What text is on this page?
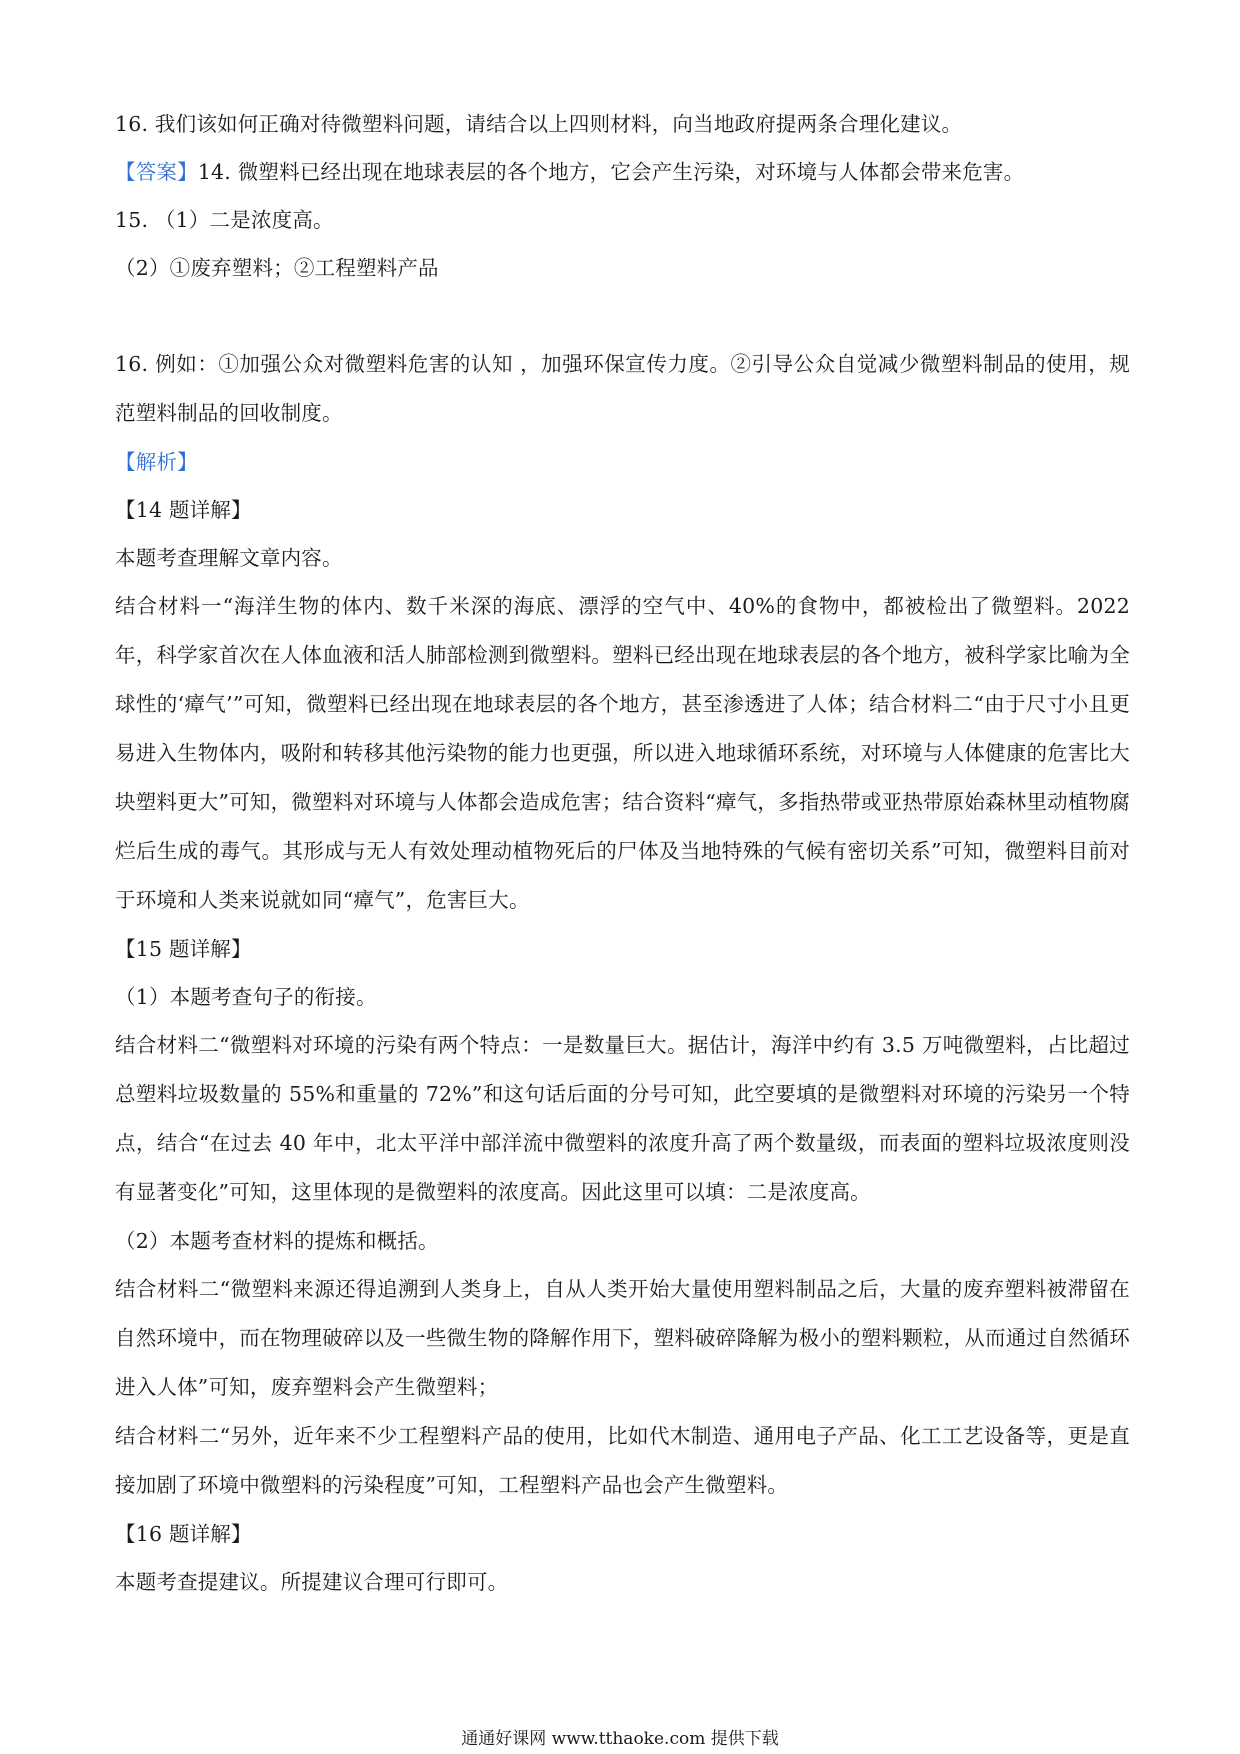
16. 我们该如何正确对待微塑料问题，请结合以上四则材料，向当地政府提两条合理化建议。
【答案】14. 微塑料已经出现在地球表层的各个地方，它会产生污染，对环境与人体都会带来危害。
15. （1）二是浓度高。
（2）①废弃塑料；②工程塑料产品
16. 例如：①加强公众对微塑料危害的认知 ，加强环保宣传力度。②引导公众自觉减少微塑料制品的使用，规范塑料制品的回收制度。
【解析】
【14 题详解】
本题考查理解文章内容。
结合材料一“海洋生物的体内、数千米深的海底、漂浮的空气中、40%的食物中，都被检出了微塑料。2022 年，科学家首次在人体血液和活人肺部检测到微塑料。塑料已经出现在地球表层的各个地方，被科学家比喻为全球性的‘瘴气’”可知，微塑料已经出现在地球表层的各个地方，甚至渗透进了人体；结合材料二“由于尺寸小且更易进入生物体内，吸附和转移其他污染物的能力也更强，所以进入地球循环系统，对环境与人体健康的危害比大块塑料更大”可知，微塑料对环境与人体都会造成危害；结合资料“瘴气，多指热带或亚热带原始森林里动植物腐烂后生成的毒气。其形成与无人有效处理动植物死后的尸体及当地特殊的气候有密切关系”可知，微塑料目前对于环境和人类来说就如同“瘴气”，危害巨大。
【15 题详解】
（1）本题考查句子的衔接。
结合材料二“微塑料对环境的污染有两个特点：一是数量巨大。据估计，海洋中约有 3.5 万吨微塑料，占比超过总塑料垃圾数量的 55%和重量的 72%”和这句话后面的分号可知，此空要填的是微塑料对环境的污染另一个特点，结合“在过去 40 年中，北太平洋中部洋流中微塑料的浓度升高了两个数量级，而表面的塑料垃圾浓度则没有显著变化”可知，这里体现的是微塑料的浓度高。因此这里可以填：二是浓度高。
（2）本题考查材料的提炼和概括。
结合材料二“微塑料来源还得追溯到人类身上，自从人类开始大量使用塑料制品之后，大量的废弃塑料被滞留在自然环境中，而在物理破碎以及一些微生物的降解作用下，塑料破碎降解为极小的塑料颗粒，从而通过自然循环进入人体”可知，废弃塑料会产生微塑料；
结合材料二“另外，近年来不少工程塑料产品的使用，比如代木制造、通用电子产品、化工工艺设备等，更是直接加剧了环境中微塑料的污染程度”可知，工程塑料产品也会产生微塑料。
【16 题详解】
本题考查提建议。所提建议合理可行即可。
通通好课网 www.tthaoke.com 提供下载
